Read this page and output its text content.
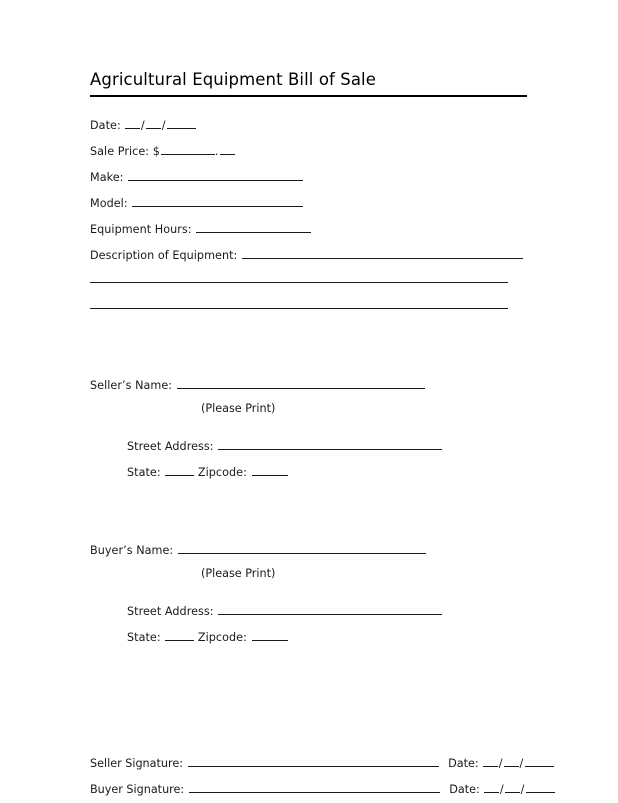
Agricultural Equipment Bill of Sale
Date: / /
Sale Price: $	.
Make:
Model:
Equipment Hours:
Description of Equipment:
Seller’s Name:
(Please Print)
Street Address:
State:	Zipcode:
Buyer’s Name:
(Please Print)
Street Address:
State:	Zipcode:
Seller Signature:	Date: / /
Buyer Signature:	Date: / /
